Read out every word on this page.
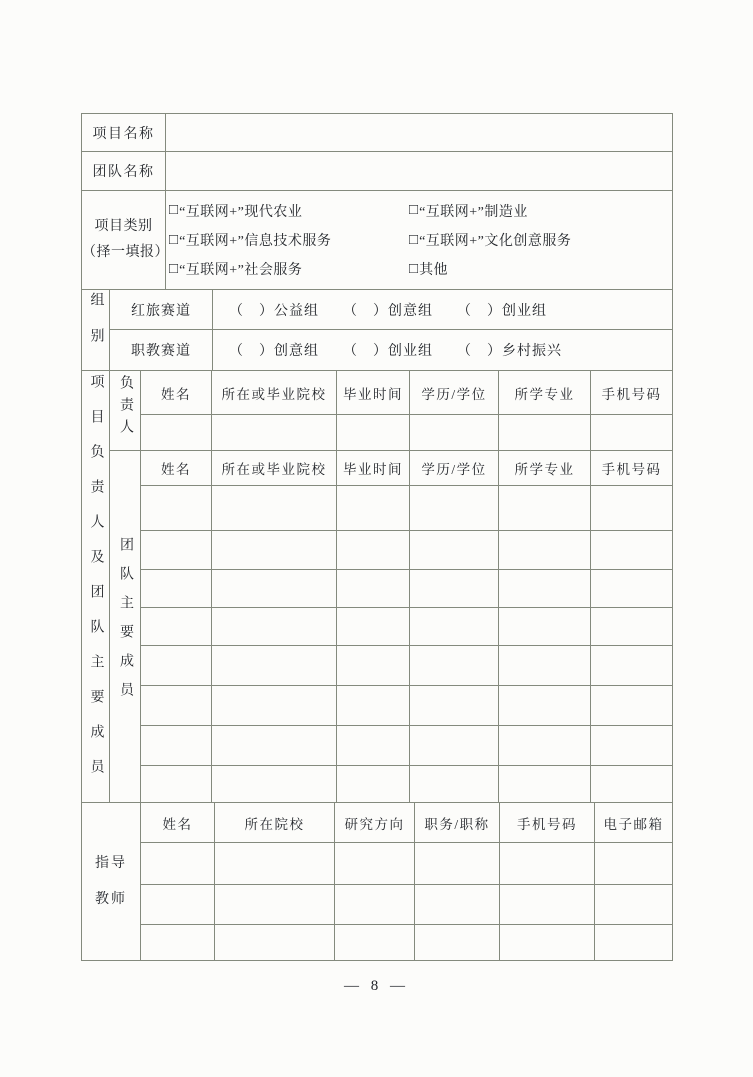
项目名称	
团队名称	

项目类别
（择一填报）

□ “互联网+”现代农业	□ “互联网+”制造业
□ “互联网+”信息技术服务	□ “互联网+”文化创意服务
□ “互联网+”社会服务	□ 其他
组别	红旅赛道	（　）公益组 （　）创意组 （　）创业组

	职教赛道	（　）创意组 （　）创业组 （　）乡村振兴
项目负责人及团队主要成员	负责人	姓名	所在或毕业院校	毕业时间	学历/学位	所学专业	手机号码

	团队主要成员	姓名	所在或毕业院校	毕业时间	学历/学位	所学专业	手机号码

指导
教师	姓名	所在院校	研究方向	职务/职称	手机号码	电子邮箱

— 8 —
